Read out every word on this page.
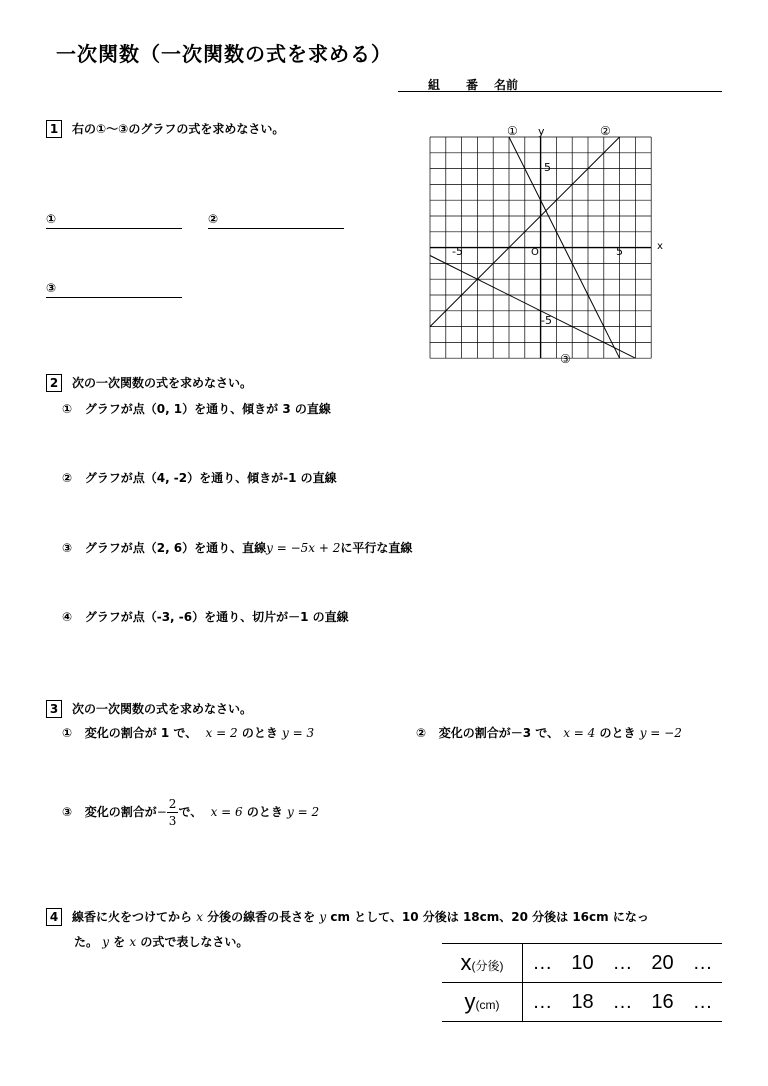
一次関数（一次関数の式を求める）
組 番 名前
1 右の①～③のグラフの式を求めなさい。
①	②
③
①	②
③
y
x
O
5
-5
-5	5
2 次の一次関数の式を求めなさい。
① グラフが点（0, 1）を通り、傾きが 3 の直線
② グラフが点（4, -2）を通り、傾きが-1 の直線
③ グラフが点（2, 6）を通り、直線y = −5x + 2に平行な直線
④ グラフが点（-3, -6）を通り、切片が－1 の直線
3 次の一次関数の式を求めなさい。
① 変化の割合が 1 で、 x = 2 のとき y = 3	② 変化の割合が－3 で、 x = 4 のとき y = −2
③ 変化の割合が− $\frac{2}{3}$ で、 x = 6 のとき y = 2
4 線香に火をつけてから x 分後の線香の長さを y cm として、10 分後は 18cm、20 分後は 16cm になっ
た。 y を x の式で表しなさい。
x(分後)	…	10	…	20	…
y(cm)	…	18	…	16	…
